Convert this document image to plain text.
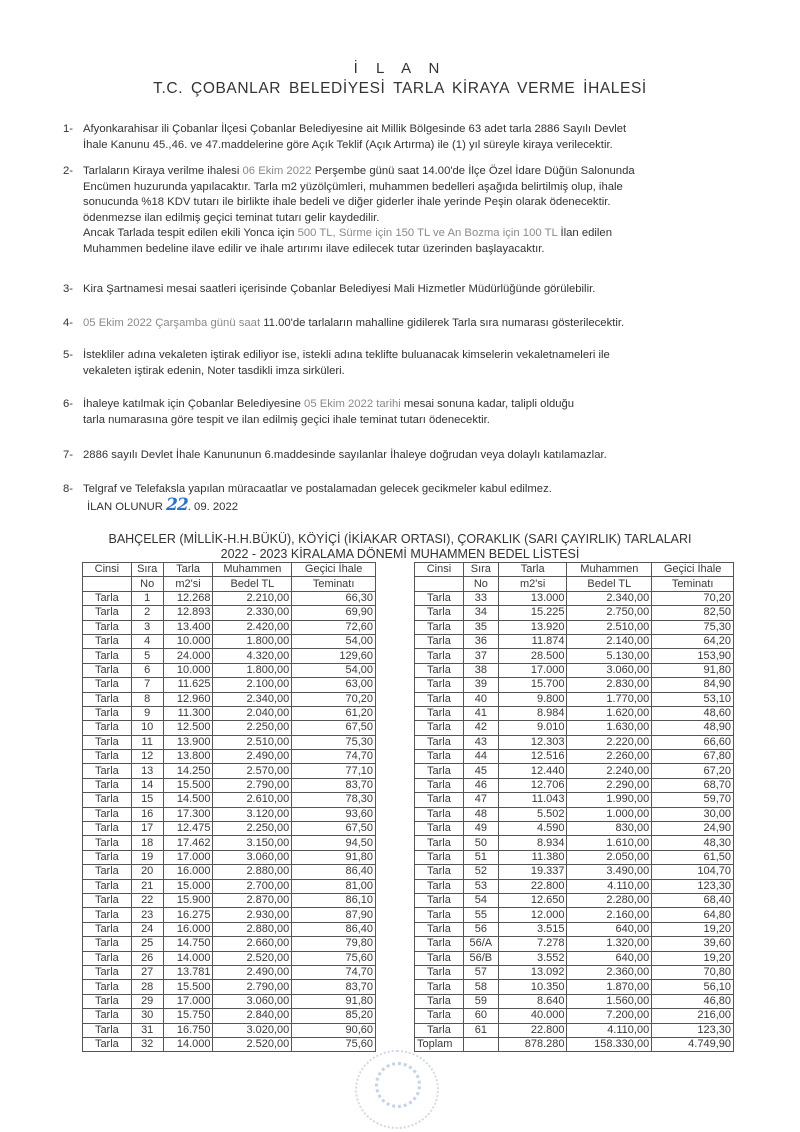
İ L A N
T.C. ÇOBANLAR BELEDİYESİ TARLA KİRAYA VERME İHALESİ
1- Afyonkarahisar ili Çobanlar İlçesi Çobanlar Belediyesine ait Millik Bölgesinde 63 adet tarla 2886 Sayılı Devlet
İhale Kanunu 45.,46. ve 47.maddelerine göre Açık Teklif (Açık Artırma) ile (1) yıl süreyle kiraya verilecektir.
2- Tarlaların Kiraya verilme ihalesi 06 Ekim 2022 Perşembe günü saat 14.00'de İlçe Özel İdare Düğün Salonunda
Encümen huzurunda yapılacaktır. Tarla m2 yüzölçümleri, muhammen bedelleri aşağıda belirtilmiş olup, ihale
sonucunda %18 KDV tutarı ile birlikte ihale bedeli ve diğer giderler ihale yerinde Peşin olarak ödenecektir.
ödenmezse ilan edilmiş geçici teminat tutarı gelir kaydedilir.
Ancak Tarlada tespit edilen ekili Yonca için 500 TL, Sürme için 150 TL ve An Bozma için 100 TL İlan edilen
Muhammen bedeline ilave edilir ve ihale artırımı ilave edilecek tutar üzerinden başlayacaktır.
3- Kira Şartnamesi mesai saatleri içerisinde Çobanlar Belediyesi Mali Hizmetler Müdürlüğünde görülebilir.
4- 05 Ekim 2022 Çarşamba günü saat 11.00'de tarlaların mahalline gidilerek Tarla sıra numarası gösterilecektir.
5- İstekliler adına vekaleten iştirak ediliyor ise, istekli adına teklifte buluanacak kimselerin vekaletnameleri ile
vekaleten iştirak edenin, Noter tasdikli imza sirküleri.
6- İhaleye katılmak için Çobanlar Belediyesine 05 Ekim 2022 tarihi mesai sonuna kadar, talipli olduğu
tarla numarasına göre tespit ve ilan edilmiş geçici ihale teminat tutarı ödenecektir.
7- 2886 sayılı Devlet İhale Kanununun 6.maddesinde sayılanlar İhaleye doğrudan veya dolaylı katılamazlar.
8- Telgraf ve Telefaksla yapılan müracaatlar ve postalamadan gelecek gecikmeler kabul edilmez.
İLAN OLUNUR 22. 09. 2022
BAHÇELER (MİLLİK-H.H.BÜKÜ), KÖYİÇİ (İKİAKAR ORTASI), ÇORAKLIK (SARI ÇAYIRLIK) TARLALARI
2022 - 2023 KİRALAMA DÖNEMİ MUHAMMEN BEDEL LİSTESİ
Cinsi	Sıra	Tarla	Muhammen	Geçici İhale
	No	m2'si	Bedel TL	Teminatı
Tarla	1	12.268	2.210,00	66,30
Tarla	2	12.893	2.330,00	69,90
Tarla	3	13.400	2.420,00	72,60
Tarla	4	10.000	1.800,00	54,00
Tarla	5	24.000	4.320,00	129,60
Tarla	6	10.000	1.800,00	54,00
Tarla	7	11.625	2.100,00	63,00
Tarla	8	12.960	2.340,00	70,20
Tarla	9	11.300	2.040,00	61,20
Tarla	10	12.500	2.250,00	67,50
Tarla	11	13.900	2.510,00	75,30
Tarla	12	13.800	2.490,00	74,70
Tarla	13	14.250	2.570,00	77,10
Tarla	14	15.500	2.790,00	83,70
Tarla	15	14.500	2.610,00	78,30
Tarla	16	17.300	3.120,00	93,60
Tarla	17	12.475	2.250,00	67,50
Tarla	18	17.462	3.150,00	94,50
Tarla	19	17.000	3.060,00	91,80
Tarla	20	16.000	2.880,00	86,40
Tarla	21	15.000	2.700,00	81,00
Tarla	22	15.900	2.870,00	86,10
Tarla	23	16.275	2.930,00	87,90
Tarla	24	16.000	2.880,00	86,40
Tarla	25	14.750	2.660,00	79,80
Tarla	26	14.000	2.520,00	75,60
Tarla	27	13.781	2.490,00	74,70
Tarla	28	15.500	2.790,00	83,70
Tarla	29	17.000	3.060,00	91,80
Tarla	30	15.750	2.840,00	85,20
Tarla	31	16.750	3.020,00	90,60
Tarla	32	14.000	2.520,00	75,60
Cinsi	Sıra	Tarla	Muhammen	Geçici İhale
	No	m2'si	Bedel TL	Teminatı
Tarla	33	13.000	2.340,00	70,20
Tarla	34	15.225	2.750,00	82,50
Tarla	35	13.920	2.510,00	75,30
Tarla	36	11.874	2.140,00	64,20
Tarla	37	28.500	5.130,00	153,90
Tarla	38	17.000	3.060,00	91,80
Tarla	39	15.700	2.830,00	84,90
Tarla	40	9.800	1.770,00	53,10
Tarla	41	8.984	1.620,00	48,60
Tarla	42	9.010	1.630,00	48,90
Tarla	43	12.303	2.220,00	66,60
Tarla	44	12.516	2.260,00	67,80
Tarla	45	12.440	2.240,00	67,20
Tarla	46	12.706	2.290,00	68,70
Tarla	47	11.043	1.990,00	59,70
Tarla	48	5.502	1.000,00	30,00
Tarla	49	4.590	830,00	24,90
Tarla	50	8.934	1.610,00	48,30
Tarla	51	11.380	2.050,00	61,50
Tarla	52	19.337	3.490,00	104,70
Tarla	53	22.800	4.110,00	123,30
Tarla	54	12.650	2.280,00	68,40
Tarla	55	12.000	2.160,00	64,80
Tarla	56	3.515	640,00	19,20
Tarla	56/A	7.278	1.320,00	39,60
Tarla	56/B	3.552	640,00	19,20
Tarla	57	13.092	2.360,00	70,80
Tarla	58	10.350	1.870,00	56,10
Tarla	59	8.640	1.560,00	46,80
Tarla	60	40.000	7.200,00	216,00
Tarla	61	22.800	4.110,00	123,30
Toplam		878.280	158.330,00	4.749,90
